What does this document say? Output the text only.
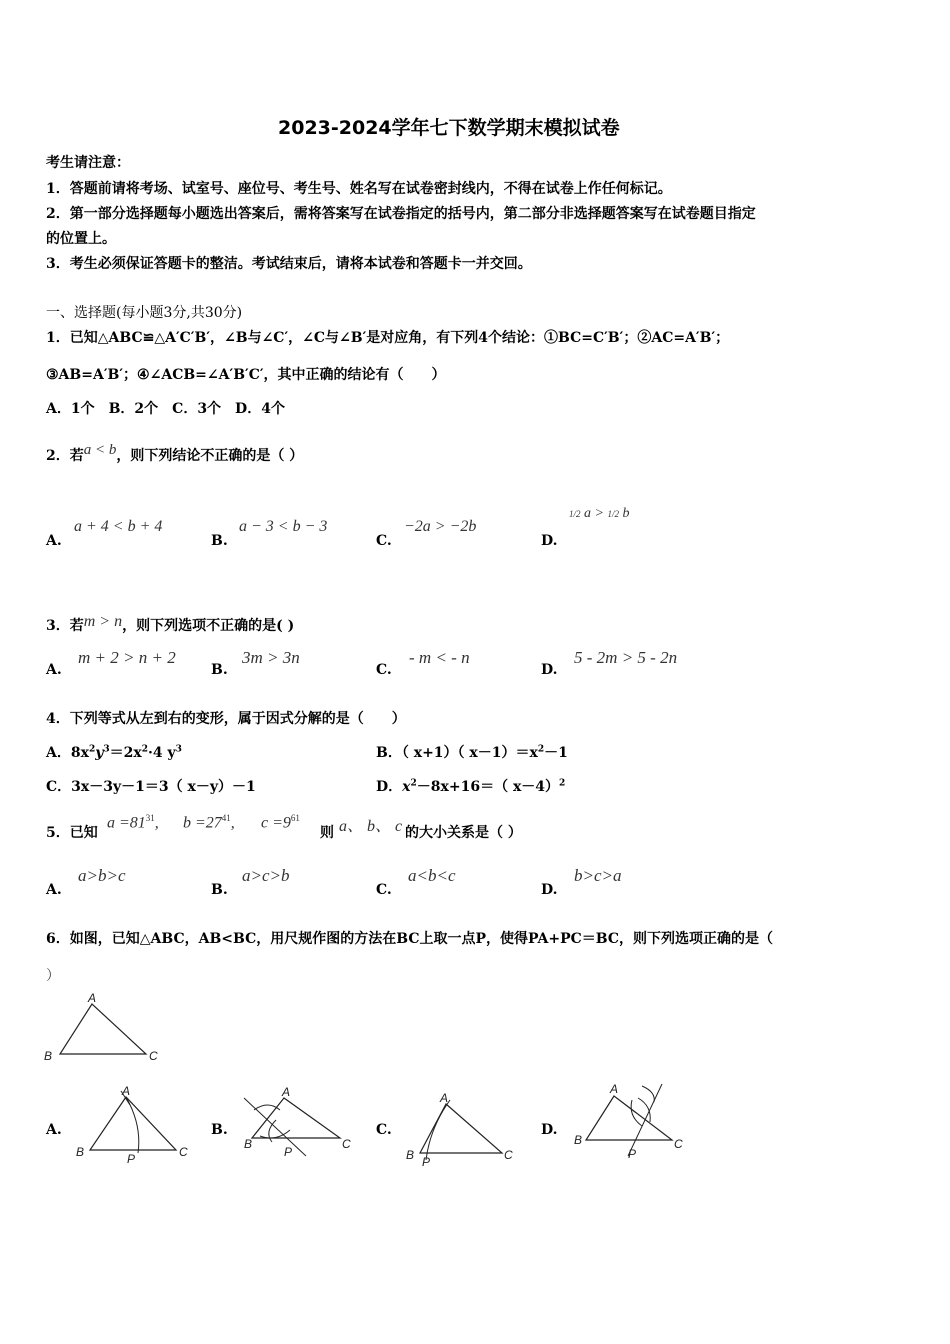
2023-2024学年七下数学期末模拟试卷
考生请注意：
1．答题前请将考场、试室号、座位号、考生号、姓名写在试卷密封线内，不得在试卷上作任何标记。
2．第一部分选择题每小题选出答案后，需将答案写在试卷指定的括号内，第二部分非选择题答案写在试卷题目指定
的位置上。
3．考生必须保证答题卡的整洁。考试结束后，请将本试卷和答题卡一并交回。
一、选择题(每小题3分,共30分)
1．已知△ABC≌△A′C′B′，∠B与∠C′，∠C与∠B′是对应角，有下列4个结论：①BC=C′B′；②AC=A′B′；
③AB=A′B′；④∠ACB=∠A′B′C′，其中正确的结论有（　　）
A．1个　B．2个　C．3个　D．4个
2．若a < b，则下列结论不正确的是（ ）
A.
a + 4 < b + 4
B.
a − 3 < b − 3
C.
−2a > −2b
D.
1/2 a > 1/2 b
3．若m > n，则下列选项不正确的是( )
A.
m + 2 > n + 2
B.
3m > 3n
C.
- m < - n
D.
5 - 2m > 5 - 2n
4．下列等式从左到右的变形，属于因式分解的是（　　）
A．$8x^2y^3=2x^2\cdot 4$ $y^3$	B．（ x+1）（ $x-1)=x^2-1$
C．3x－3y－1＝3（ x－y）－1	D．$x^2-8x+16=$（ x－4）$^2$
5．已知
$a =81^{31}$, $b =27^{41}$, $c =9^{61}$
则 a、 b、 c 的大小关系是（ ）
A.
a>b>c
B.
a>c>b
C.
a<b<c
D.
b>c>a
6．如图，已知△ABC，AB<BC，用尺规作图的方法在BC上取一点P，使得PA+PC＝BC，则下列选项正确的是（
）
A
B	C
A.	B.	C.	D.
A
B	P	C
A
B
P
C
A
B P	C
A
B
P
C
